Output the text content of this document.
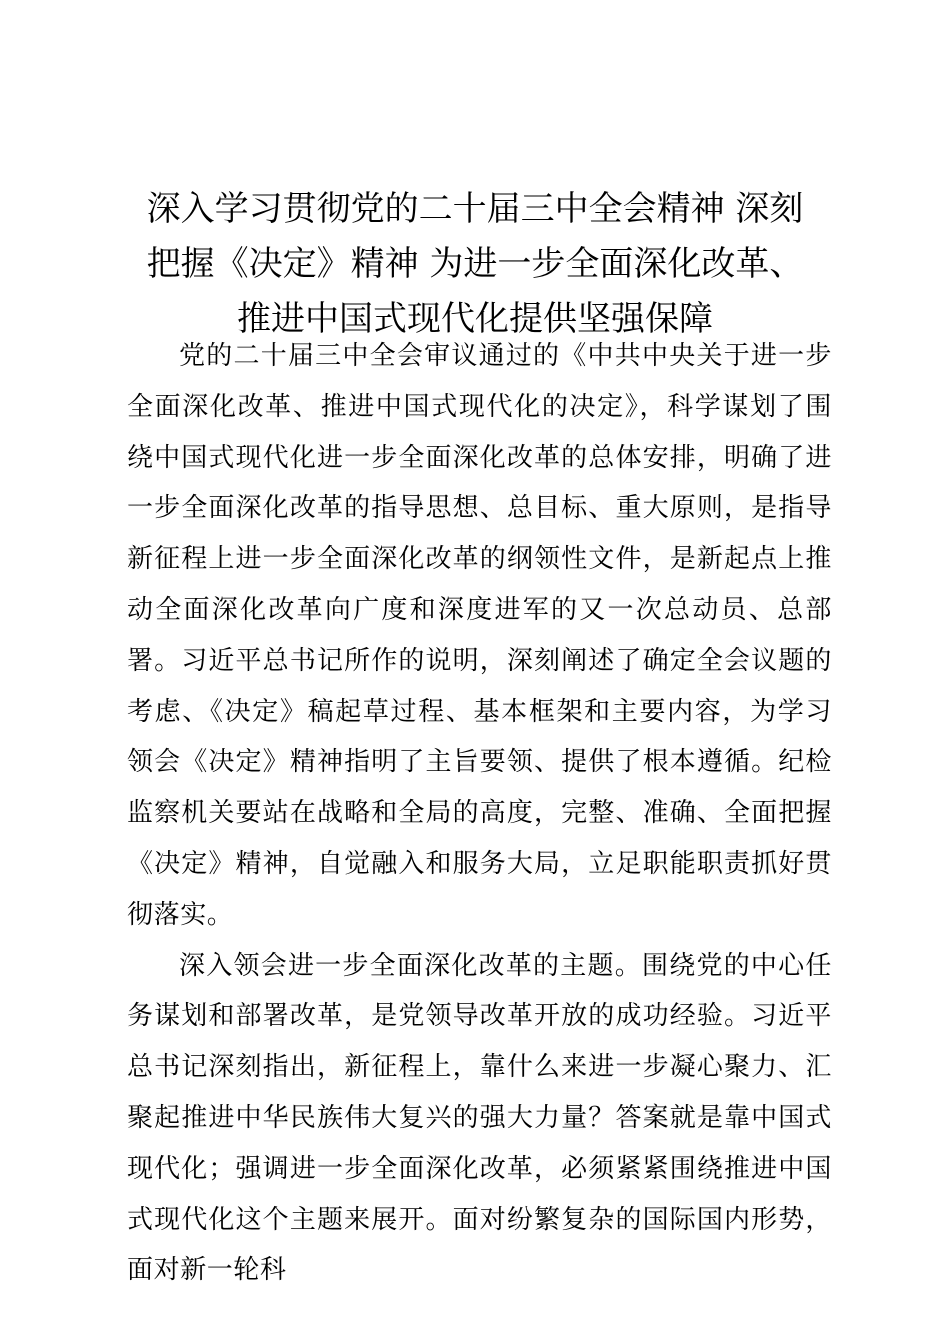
深入学习贯彻党的二十届三中全会精神 深刻
把握《决定》精神 为进一步全面深化改革、
推进中国式现代化提供坚强保障

党的二十届三中全会审议通过的《中共中央关于进一步全面深化改革、推进中国式现代化的决定》，科学谋划了围绕中国式现代化进一步全面深化改革的总体安排，明确了进一步全面深化改革的指导思想、总目标、重大原则，是指导新征程上进一步全面深化改革的纲领性文件，是新起点上推动全面深化改革向广度和深度进军的又一次总动员、总部署。习近平总书记所作的说明，深刻阐述了确定全会议题的考虑、《决定》稿起草过程、基本框架和主要内容，为学习领会《决定》精神指明了主旨要领、提供了根本遵循。纪检监察机关要站在战略和全局的高度，完整、准确、全面把握《决定》精神，自觉融入和服务大局，立足职能职责抓好贯彻落实。

深入领会进一步全面深化改革的主题。围绕党的中心任务谋划和部署改革，是党领导改革开放的成功经验。习近平总书记深刻指出，新征程上，靠什么来进一步凝心聚力、汇聚起推进中华民族伟大复兴的强大力量？答案就是靠中国式现代化；强调进一步全面深化改革，必须紧紧围绕推进中国式现代化这个主题来展开。面对纷繁复杂的国际国内形势，面对新一轮科
